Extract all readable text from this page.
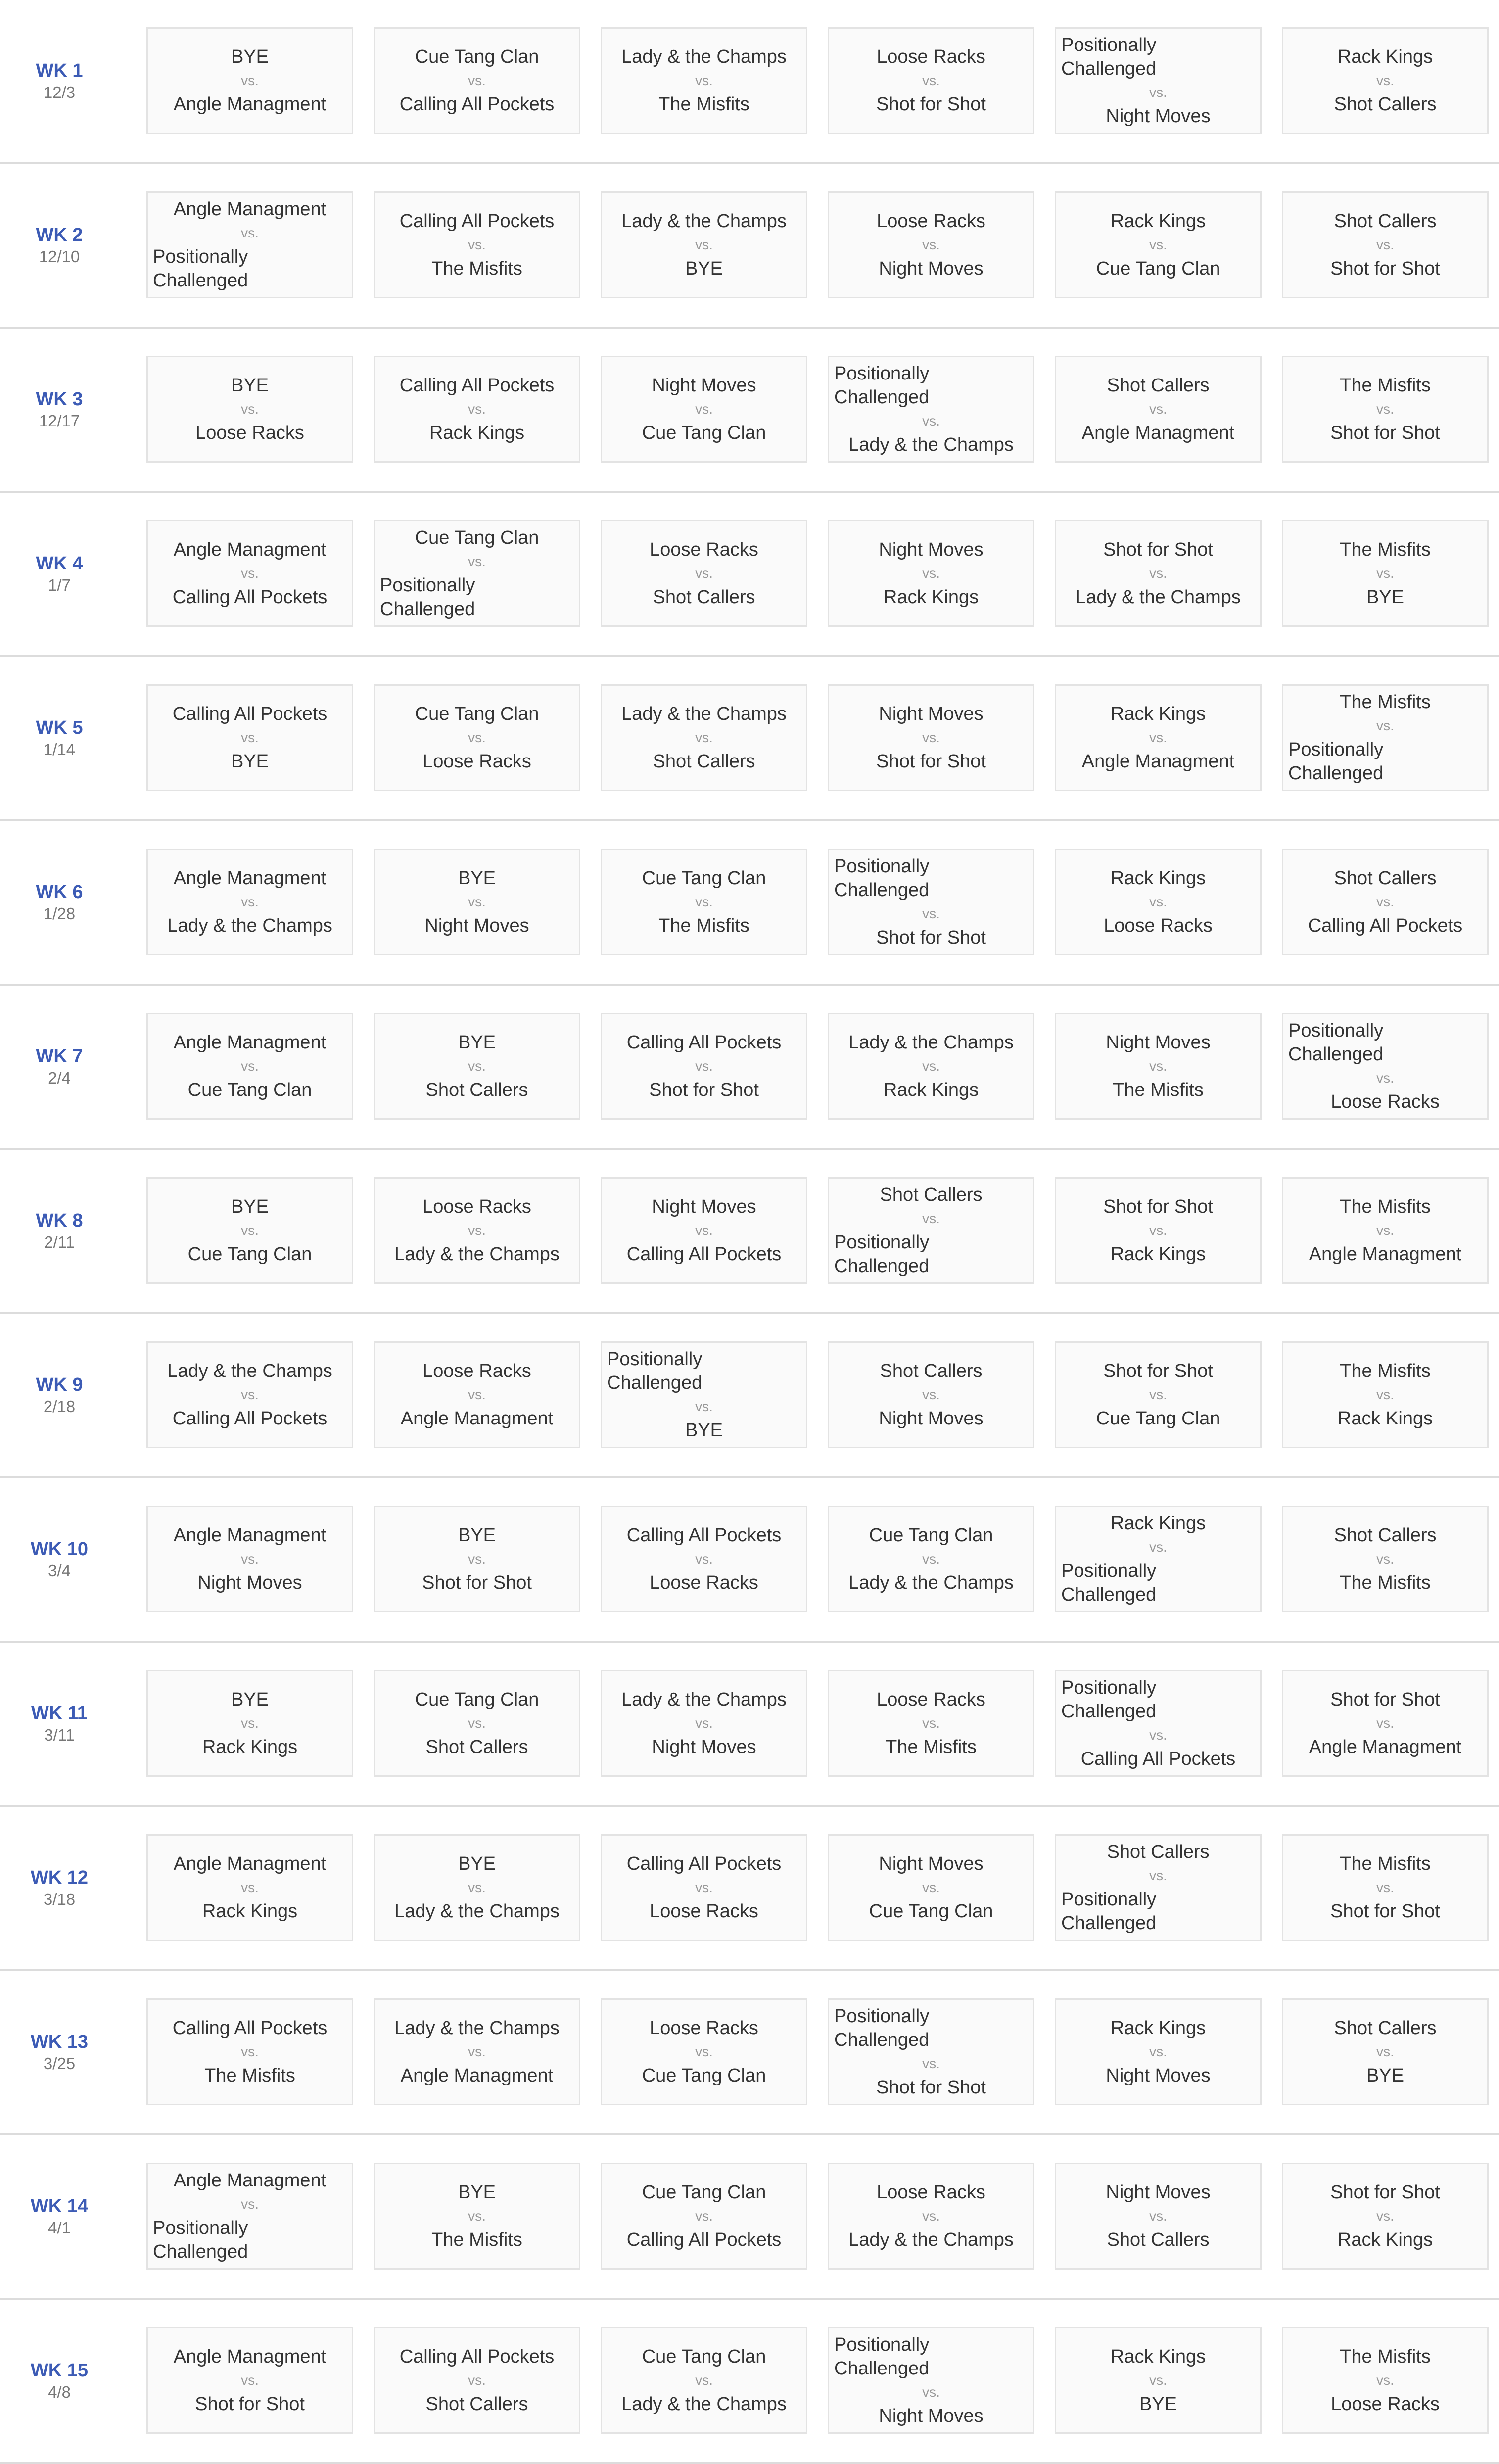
WK 1
12/3
BYE
vs.
Angle Managment
Cue Tang Clan
vs.
Calling All Pockets
Lady & the Champs
vs.
The Misfits
Loose Racks
vs.
Shot for Shot
Positionally Challenged
vs.
Night Moves
Rack Kings
vs.
Shot Callers
WK 2
12/10
Angle Managment
vs.
Positionally Challenged
Calling All Pockets
vs.
The Misfits
Lady & the Champs
vs.
BYE
Loose Racks
vs.
Night Moves
Rack Kings
vs.
Cue Tang Clan
Shot Callers
vs.
Shot for Shot
WK 3
12/17
BYE
vs.
Loose Racks
Calling All Pockets
vs.
Rack Kings
Night Moves
vs.
Cue Tang Clan
Positionally Challenged
vs.
Lady & the Champs
Shot Callers
vs.
Angle Managment
The Misfits
vs.
Shot for Shot
WK 4
1/7
Angle Managment
vs.
Calling All Pockets
Cue Tang Clan
vs.
Positionally Challenged
Loose Racks
vs.
Shot Callers
Night Moves
vs.
Rack Kings
Shot for Shot
vs.
Lady & the Champs
The Misfits
vs.
BYE
WK 5
1/14
Calling All Pockets
vs.
BYE
Cue Tang Clan
vs.
Loose Racks
Lady & the Champs
vs.
Shot Callers
Night Moves
vs.
Shot for Shot
Rack Kings
vs.
Angle Managment
The Misfits
vs.
Positionally Challenged
WK 6
1/28
Angle Managment
vs.
Lady & the Champs
BYE
vs.
Night Moves
Cue Tang Clan
vs.
The Misfits
Positionally Challenged
vs.
Shot for Shot
Rack Kings
vs.
Loose Racks
Shot Callers
vs.
Calling All Pockets
WK 7
2/4
Angle Managment
vs.
Cue Tang Clan
BYE
vs.
Shot Callers
Calling All Pockets
vs.
Shot for Shot
Lady & the Champs
vs.
Rack Kings
Night Moves
vs.
The Misfits
Positionally Challenged
vs.
Loose Racks
WK 8
2/11
BYE
vs.
Cue Tang Clan
Loose Racks
vs.
Lady & the Champs
Night Moves
vs.
Calling All Pockets
Shot Callers
vs.
Positionally Challenged
Shot for Shot
vs.
Rack Kings
The Misfits
vs.
Angle Managment
WK 9
2/18
Lady & the Champs
vs.
Calling All Pockets
Loose Racks
vs.
Angle Managment
Positionally Challenged
vs.
BYE
Shot Callers
vs.
Night Moves
Shot for Shot
vs.
Cue Tang Clan
The Misfits
vs.
Rack Kings
WK 10
3/4
Angle Managment
vs.
Night Moves
BYE
vs.
Shot for Shot
Calling All Pockets
vs.
Loose Racks
Cue Tang Clan
vs.
Lady & the Champs
Rack Kings
vs.
Positionally Challenged
Shot Callers
vs.
The Misfits
WK 11
3/11
BYE
vs.
Rack Kings
Cue Tang Clan
vs.
Shot Callers
Lady & the Champs
vs.
Night Moves
Loose Racks
vs.
The Misfits
Positionally Challenged
vs.
Calling All Pockets
Shot for Shot
vs.
Angle Managment
WK 12
3/18
Angle Managment
vs.
Rack Kings
BYE
vs.
Lady & the Champs
Calling All Pockets
vs.
Loose Racks
Night Moves
vs.
Cue Tang Clan
Shot Callers
vs.
Positionally Challenged
The Misfits
vs.
Shot for Shot
WK 13
3/25
Calling All Pockets
vs.
The Misfits
Lady & the Champs
vs.
Angle Managment
Loose Racks
vs.
Cue Tang Clan
Positionally Challenged
vs.
Shot for Shot
Rack Kings
vs.
Night Moves
Shot Callers
vs.
BYE
WK 14
4/1
Angle Managment
vs.
Positionally Challenged
BYE
vs.
The Misfits
Cue Tang Clan
vs.
Calling All Pockets
Loose Racks
vs.
Lady & the Champs
Night Moves
vs.
Shot Callers
Shot for Shot
vs.
Rack Kings
WK 15
4/8
Angle Managment
vs.
Shot for Shot
Calling All Pockets
vs.
Shot Callers
Cue Tang Clan
vs.
Lady & the Champs
Positionally Challenged
vs.
Night Moves
Rack Kings
vs.
BYE
The Misfits
vs.
Loose Racks
